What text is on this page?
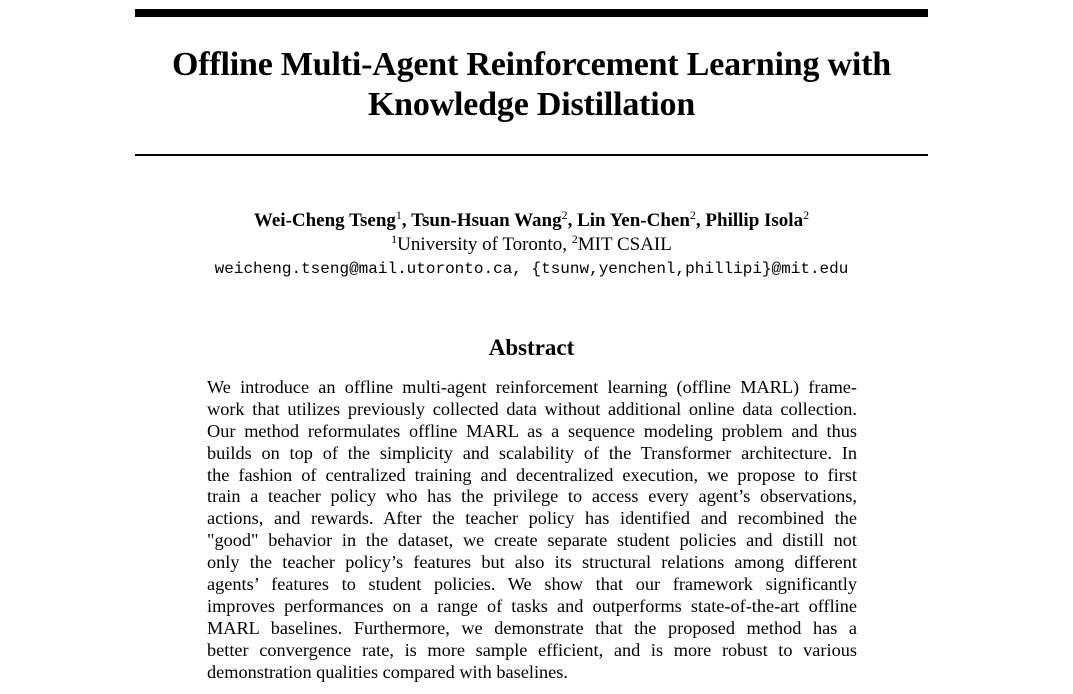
Offline Multi-Agent Reinforcement Learning with
Knowledge Distillation
Wei-Cheng Tseng$^1$, Tsun-Hsuan Wang$^2$, Lin Yen-Chen$^2$, Phillip Isola$^2$
$^1$University of Toronto, $^2$MIT CSAIL
weicheng.tseng@mail.utoronto.ca, {tsunw,yenchenl,phillipi}@mit.edu
Abstract
We introduce an offline multi-agent reinforcement learning (offline MARL) frame-
work that utilizes previously collected data without additional online data collection.
Our method reformulates offline MARL as a sequence modeling problem and thus
builds on top of the simplicity and scalability of the Transformer architecture. In
the fashion of centralized training and decentralized execution, we propose to first
train a teacher policy who has the privilege to access every agent’s observations,
actions, and rewards. After the teacher policy has identified and recombined the
"good" behavior in the dataset, we create separate student policies and distill not
only the teacher policy’s features but also its structural relations among different
agents’ features to student policies. We show that our framework significantly
improves performances on a range of tasks and outperforms state-of-the-art offline
MARL baselines. Furthermore, we demonstrate that the proposed method has a
better convergence rate, is more sample efficient, and is more robust to various
demonstration qualities compared with baselines.
